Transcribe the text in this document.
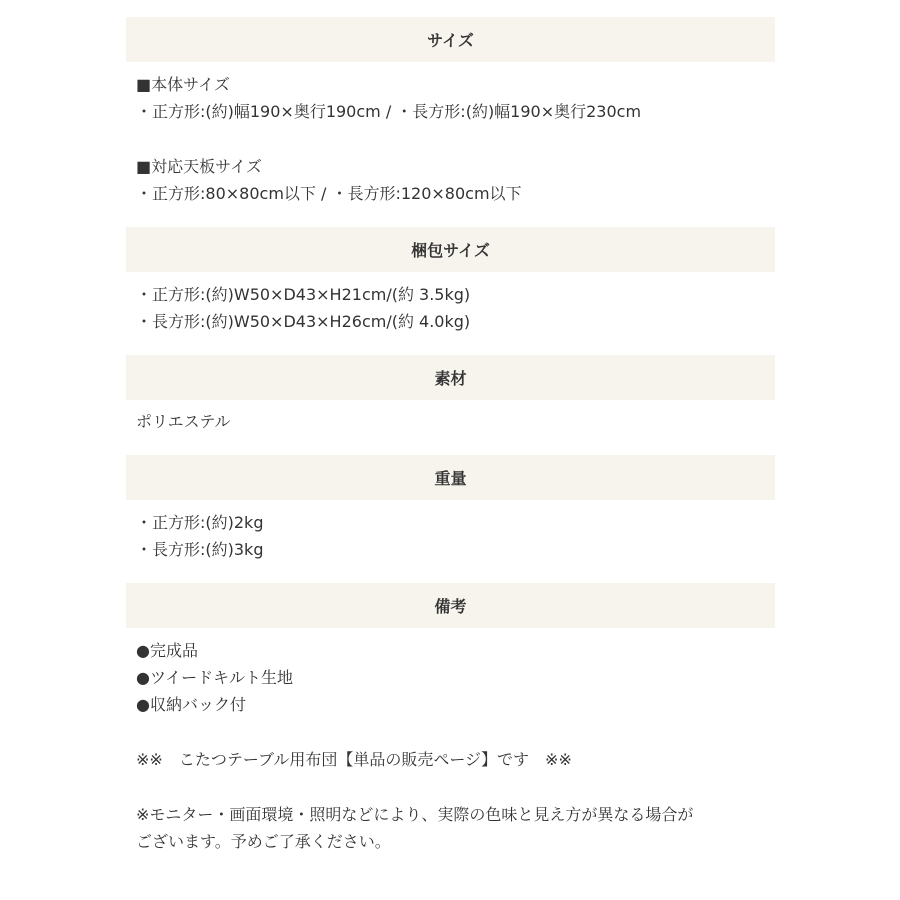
サイズ
■本体サイズ
・正方形:(約)幅190×奥行190cm / ・長方形:(約)幅190×奥行230cm
■対応天板サイズ
・正方形:80×80cm以下 / ・長方形:120×80cm以下
梱包サイズ
・正方形:(約)W50×D43×H21cm/(約 3.5kg)
・長方形:(約)W50×D43×H26cm/(約 4.0kg)
素材
ポリエステル
重量
・正方形:(約)2kg
・長方形:(約)3kg
備考
●完成品
●ツイードキルト生地
●収納バック付
※※　こたつテーブル用布団【単品の販売ページ】です　※※
※モニター・画面環境・照明などにより、実際の色味と見え方が異なる場合が
ございます。予めご了承ください。
